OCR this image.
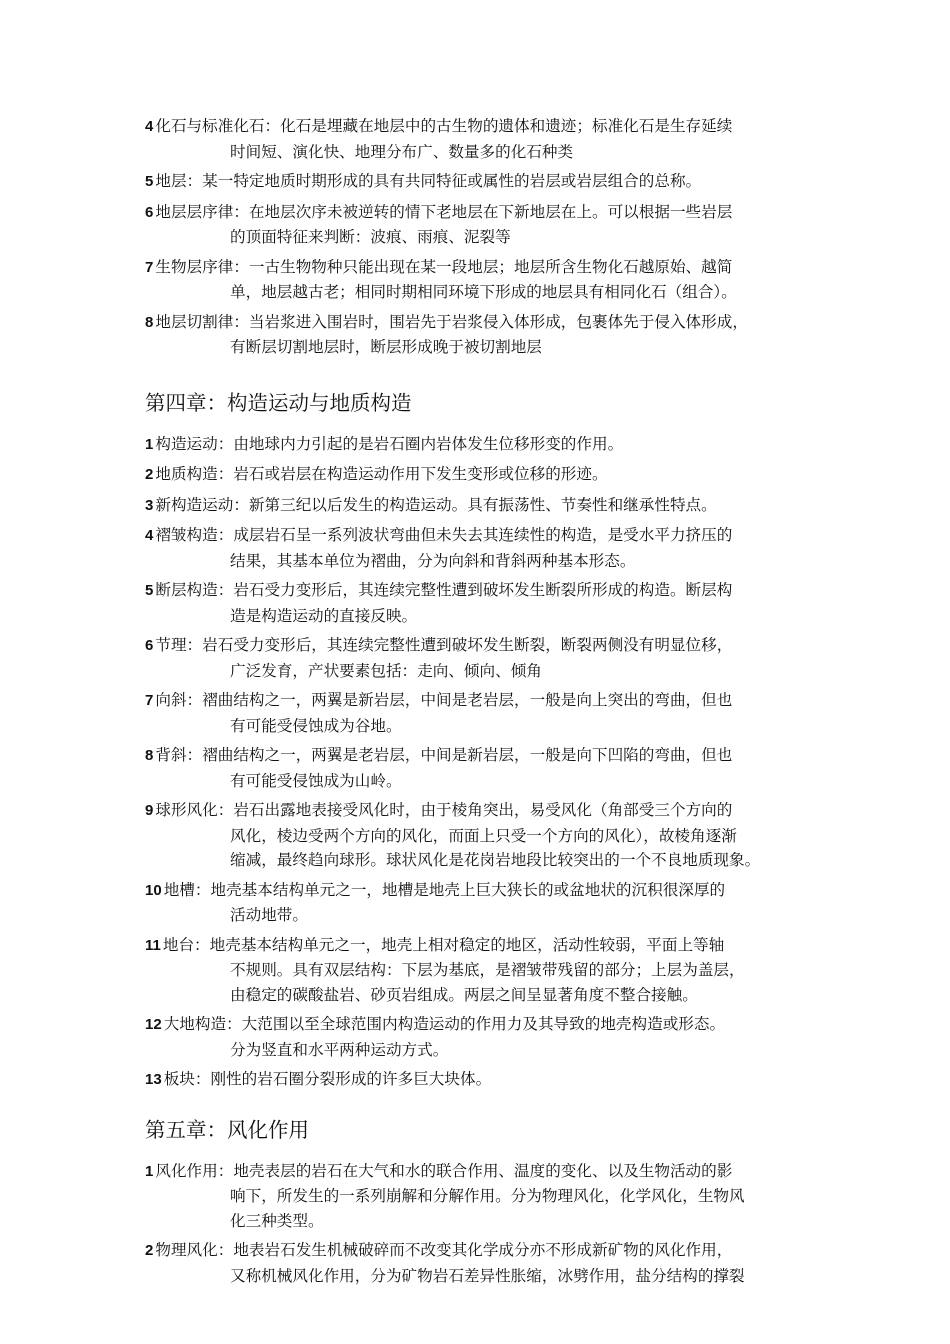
4 化石与标准化石：化石是埋藏在地层中的古生物的遗体和遗迹；标准化石是生存延续
时间短、演化快、地理分布广、数量多的化石种类
5 地层：某一特定地质时期形成的具有共同特征或属性的岩层或岩层组合的总称。
6 地层层序律：在地层次序未被逆转的情下老地层在下新地层在上。可以根据一些岩层
的顶面特征来判断：波痕、雨痕、泥裂等
7 生物层序律：一古生物物种只能出现在某一段地层；地层所含生物化石越原始、越简
单，地层越古老；相同时期相同环境下形成的地层具有相同化石（组合）。
8 地层切割律：当岩浆进入围岩时，围岩先于岩浆侵入体形成，包裹体先于侵入体形成，
有断层切割地层时，断层形成晚于被切割地层
第四章：构造运动与地质构造
1 构造运动：由地球内力引起的是岩石圈内岩体发生位移形变的作用。
2 地质构造：岩石或岩层在构造运动作用下发生变形或位移的形迹。
3 新构造运动：新第三纪以后发生的构造运动。具有振荡性、节奏性和继承性特点。
4 褶皱构造：成层岩石呈一系列波状弯曲但未失去其连续性的构造，是受水平力挤压的
结果，其基本单位为褶曲，分为向斜和背斜两种基本形态。
5 断层构造：岩石受力变形后，其连续完整性遭到破坏发生断裂所形成的构造。断层构
造是构造运动的直接反映。
6 节理：岩石受力变形后，其连续完整性遭到破坏发生断裂，断裂两侧没有明显位移，
广泛发育，产状要素包括：走向、倾向、倾角
7 向斜：褶曲结构之一，两翼是新岩层，中间是老岩层，一般是向上突出的弯曲，但也
有可能受侵蚀成为谷地。
8 背斜：褶曲结构之一，两翼是老岩层，中间是新岩层，一般是向下凹陷的弯曲，但也
有可能受侵蚀成为山岭。
9 球形风化：岩石出露地表接受风化时，由于棱角突出，易受风化（角部受三个方向的
风化，棱边受两个方向的风化，而面上只受一个方向的风化），故棱角逐渐
缩减，最终趋向球形。球状风化是花岗岩地段比较突出的一个不良地质现象。
10 地槽：地壳基本结构单元之一，地槽是地壳上巨大狭长的或盆地状的沉积很深厚的
活动地带。
11 地台：地壳基本结构单元之一，地壳上相对稳定的地区，活动性较弱，平面上等轴
不规则。具有双层结构：下层为基底，是褶皱带残留的部分；上层为盖层，
由稳定的碳酸盐岩、砂页岩组成。两层之间呈显著角度不整合接触。
12 大地构造：大范围以至全球范围内构造运动的作用力及其导致的地壳构造或形态。
分为竖直和水平两种运动方式。
13 板块：刚性的岩石圈分裂形成的许多巨大块体。
第五章：风化作用
1 风化作用：地壳表层的岩石在大气和水的联合作用、温度的变化、以及生物活动的影
响下，所发生的一系列崩解和分解作用。分为物理风化，化学风化，生物风
化三种类型。
2 物理风化：地表岩石发生机械破碎而不改变其化学成分亦不形成新矿物的风化作用，
又称机械风化作用，分为矿物岩石差异性胀缩，冰劈作用，盐分结构的撑裂
